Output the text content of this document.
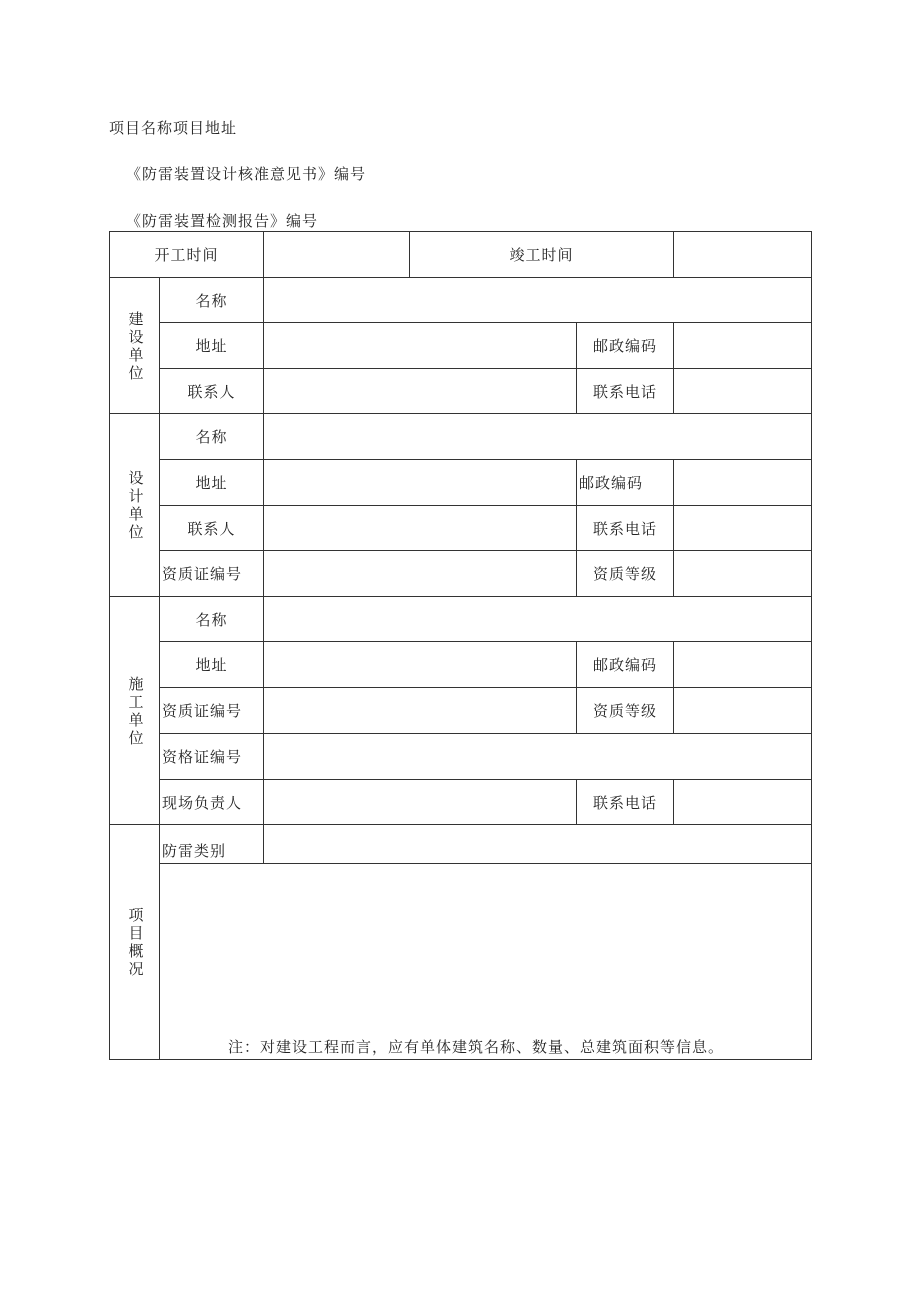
项目名称项目地址
《防雷装置设计核准意见书》编号
《防雷装置检测报告》编号
开工时间			竣工时间		
建设单位	名称				
	地址			邮政编码	
	联系人			联系电话	
设计单位	名称				
	地址			邮政编码	
	联系人			联系电话	
	资质证编号			资质等级	
施工单位	名称				
	地址			邮政编码	
	资质证编号			资质等级	
	资格证编号				
	现场负责人			联系电话	
项目概况	防雷类别				

	注：对建设工程而言，应有单体建筑名称、数量、总建筑面积等信息。				
